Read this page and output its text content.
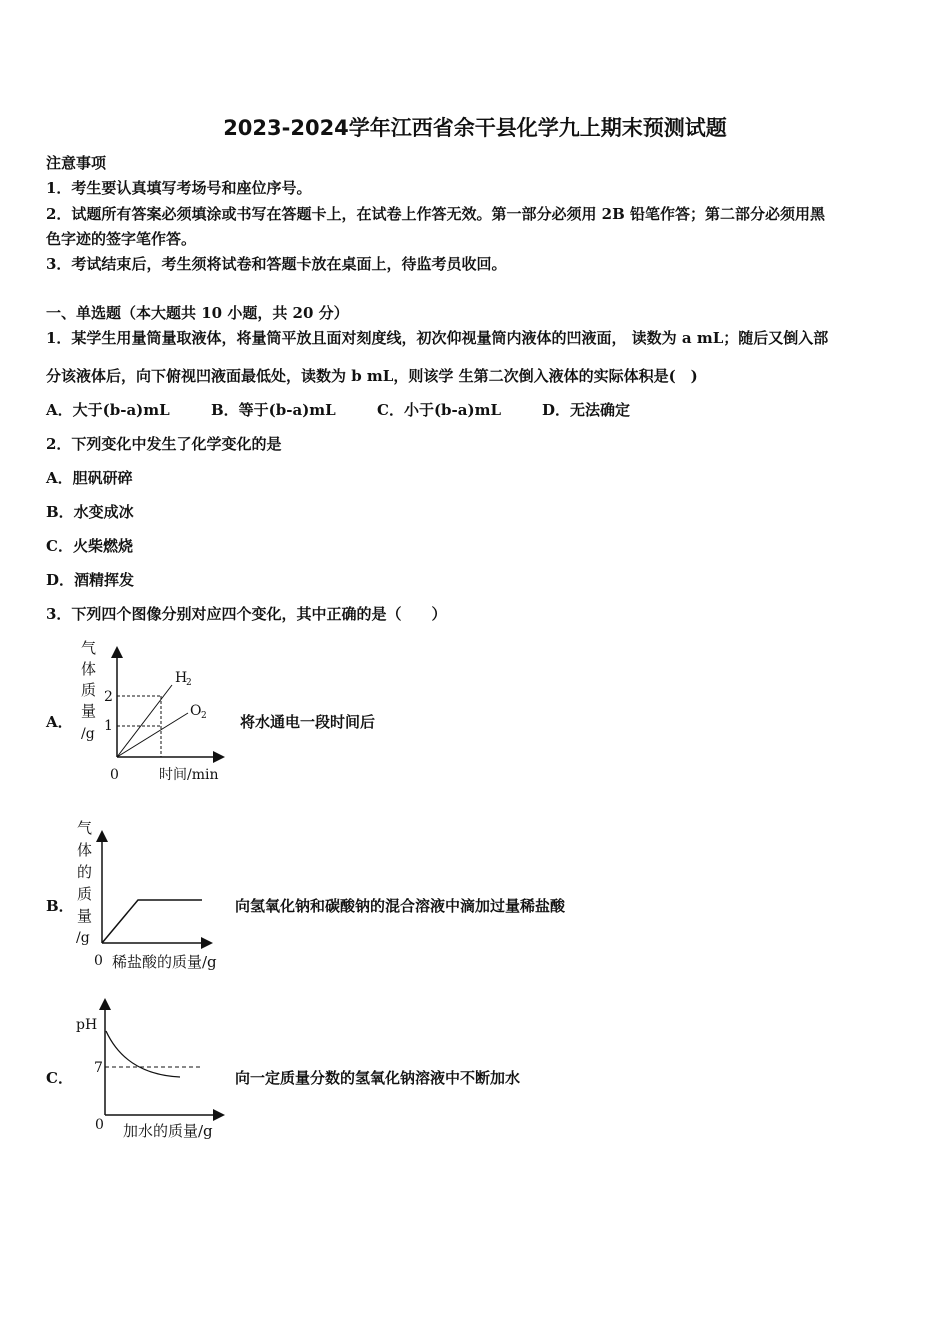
2023-2024学年江西省余干县化学九上期末预测试题
注意事项
1．考生要认真填写考场号和座位序号。
2．试题所有答案必须填涂或书写在答题卡上，在试卷上作答无效。第一部分必须用 2B 铅笔作答；第二部分必须用黑
色字迹的签字笔作答。
3．考试结束后，考生须将试卷和答题卡放在桌面上，待监考员收回。
一、单选题（本大题共 10 小题，共 20 分）
1．某学生用量筒量取液体，将量筒平放且面对刻度线，初次仰视量筒内液体的凹液面， 读数为 a mL；随后又倒入部
分该液体后，向下俯视凹液面最低处，读数为 b mL，则该学 生第二次倒入液体的实际体积是(　)
A．大于(b-a)mL	B．等于(b-a)mL	C．小于(b-a)mL	D．无法确定
2．下列变化中发生了化学变化的是
A．胆矾研碎
B．水变成冰
C．火柴燃烧
D．酒精挥发
3．下列四个图像分别对应四个变化，其中正确的是（　　）
A．
气
体
质
量
/g
2
1
0	时间/min
H
2
O 2 将水通电一段时间后
B．
气
体
的
质
量
/g
0 稀盐酸的质量/g
向氢氧化钠和碳酸钠的混合溶液中滴加过量稀盐酸
C．
pH
7
0 加水的质量/g
向一定质量分数的氢氧化钠溶液中不断加水
